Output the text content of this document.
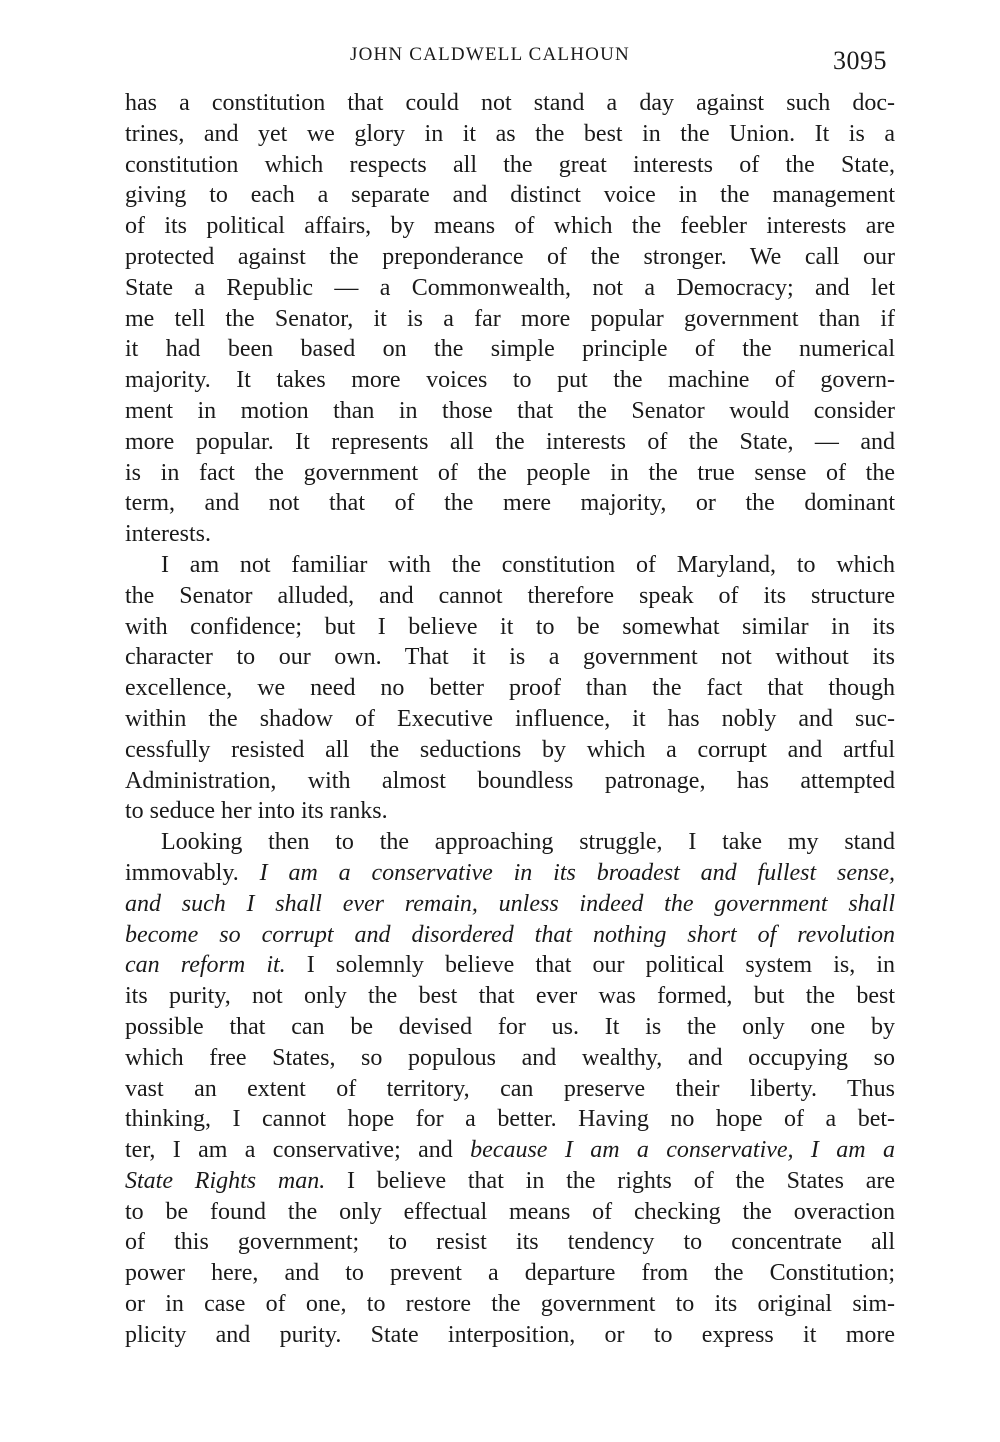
JOHN CALDWELL CALHOUN	3095
has a constitution that could not stand a day against such doc-
trines, and yet we glory in it as the best in the Union. It is a
constitution which respects all the great interests of the State,
giving to each a separate and distinct voice in the management
of its political affairs, by means of which the feebler interests are
protected against the preponderance of the stronger. We call our
State a Republic — a Commonwealth, not a Democracy; and let
me tell the Senator, it is a far more popular government than if
it had been based on the simple principle of the numerical
majority. It takes more voices to put the machine of govern-
ment in motion than in those that the Senator would consider
more popular. It represents all the interests of the State, — and
is in fact the government of the people in the true sense of the
term, and not that of the mere majority, or the dominant
interests.
I am not familiar with the constitution of Maryland, to which
the Senator alluded, and cannot therefore speak of its structure
with confidence; but I believe it to be somewhat similar in its
character to our own. That it is a government not without its
excellence, we need no better proof than the fact that though
within the shadow of Executive influence, it has nobly and suc-
cessfully resisted all the seductions by which a corrupt and artful
Administration, with almost boundless patronage, has attempted
to seduce her into its ranks.
Looking then to the approaching struggle, I take my stand
immovably. I am a conservative in its broadest and fullest sense,
and such I shall ever remain, unless indeed the government shall
become so corrupt and disordered that nothing short of revolution
can reform it. I solemnly believe that our political system is, in
its purity, not only the best that ever was formed, but the best
possible that can be devised for us. It is the only one by
which free States, so populous and wealthy, and occupying so
vast an extent of territory, can preserve their liberty. Thus
thinking, I cannot hope for a better. Having no hope of a bet-
ter, I am a conservative; and because I am a conservative, I am a
State Rights man. I believe that in the rights of the States are
to be found the only effectual means of checking the overaction
of this government; to resist its tendency to concentrate all
power here, and to prevent a departure from the Constitution;
or in case of one, to restore the government to its original sim-
plicity and purity. State interposition, or to express it more
